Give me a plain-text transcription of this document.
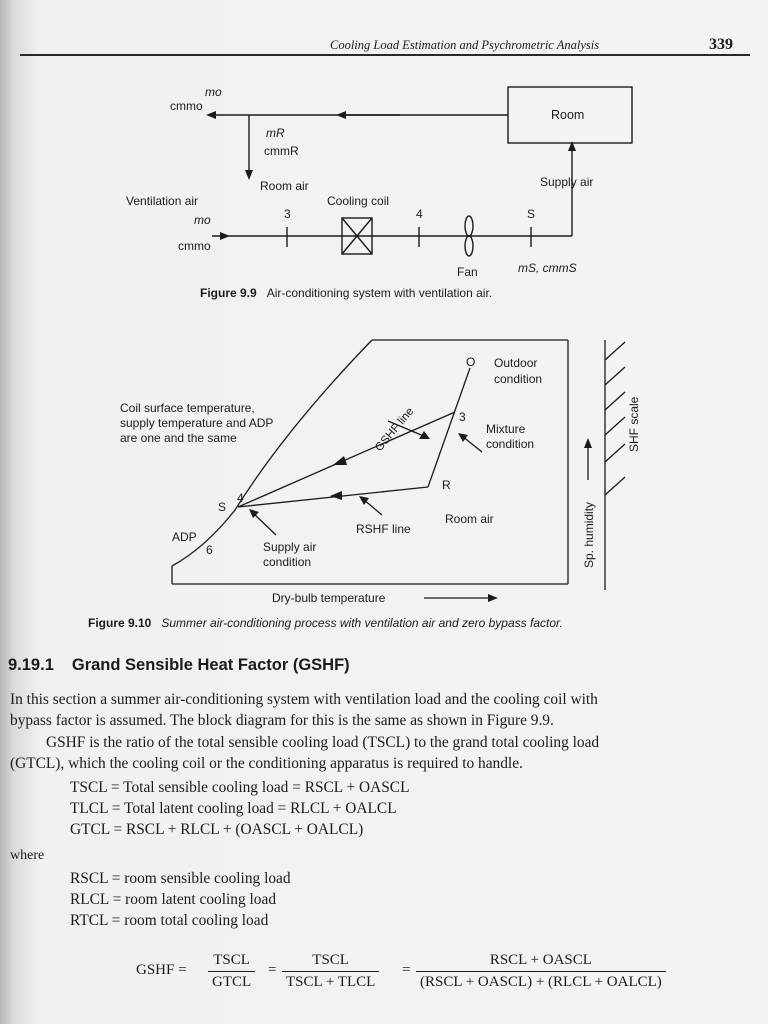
Cooling Load Estimation and Psychrometric Analysis	339
mo
cmmo
Room
mR
cmmR
Room air	Supply air
Ventilation air
mo
cmmo
Cooling coil
3	4	S
Fan	mS, cmmS
Figure 9.9 Air-conditioning system with ventilation air.
O Outdoor
condition
Coil surface temperature,
supply temperature and ADP
are one and the same	GSHF line	3
Mixture
condition
R
S
4
Room air
RSHF line
ADP
6	Supply air
condition
Dry-bulb temperature
Sp. humidity
SHF scale
Figure 9.10 Summer air-conditioning process with ventilation air and zero bypass factor.
9.19.1 Grand Sensible Heat Factor (GSHF)
In this section a summer air-conditioning system with ventilation load and the cooling coil with
bypass factor is assumed. The block diagram for this is the same as shown in Figure 9.9.
GSHF is the ratio of the total sensible cooling load (TSCL) to the grand total cooling load
(GTCL), which the cooling coil or the conditioning apparatus is required to handle.
TSCL = Total sensible cooling load = RSCL + OASCL
TLCL = Total latent cooling load = RLCL + OALCL
GTCL = RSCL + RLCL + (OASCL + OALCL)
where
RSCL = room sensible cooling load
RLCL = room latent cooling load
RTCL = room total cooling load
GSHF =
TSCL
GTCL
=
TSCL
TSCL + TLCL
=
RSCL + OASCL
(RSCL + OASCL) + (RLCL + OALCL)
